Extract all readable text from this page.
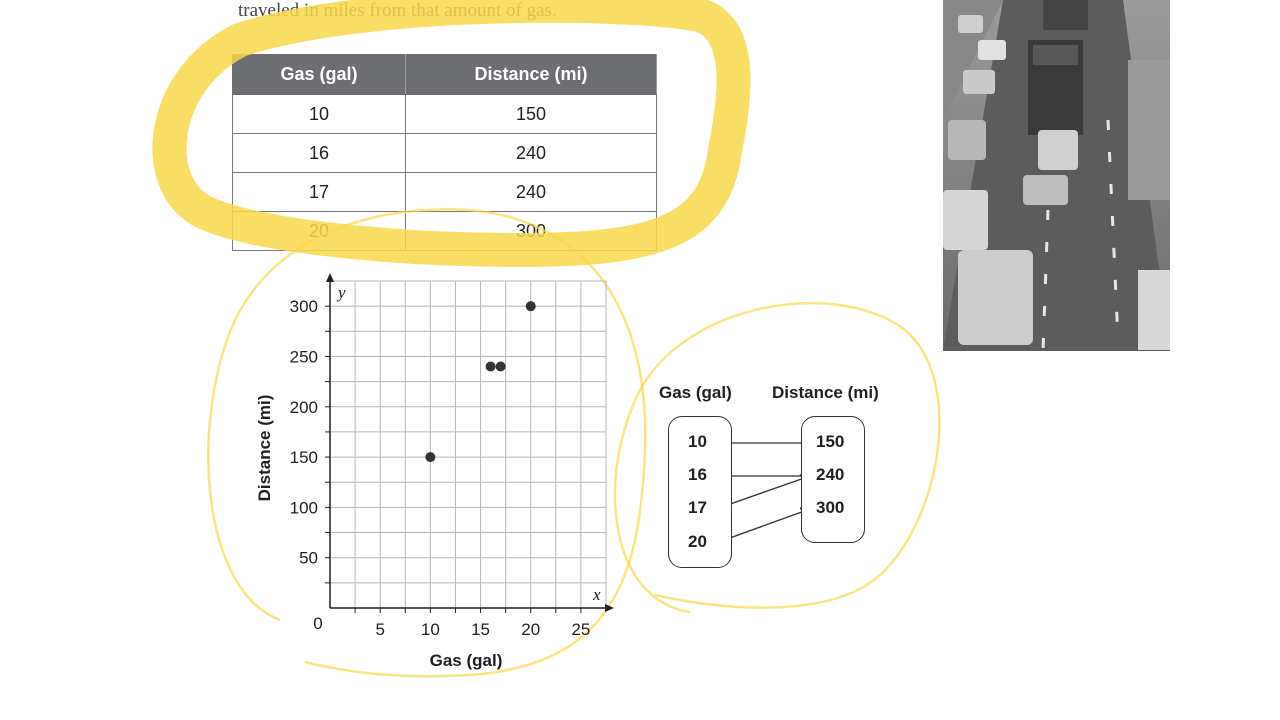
traveled in miles from that amount of gas.
Gas (gal)	Distance (mi)
10	150
16	240
17	240
20	300
5 10 15 20 25
50
100
150
200
250
300
Gas (gal)
Distance (mi)
x
y
0
Gas (gal) Distance (mi)
10
16
17
20
150
240
300
